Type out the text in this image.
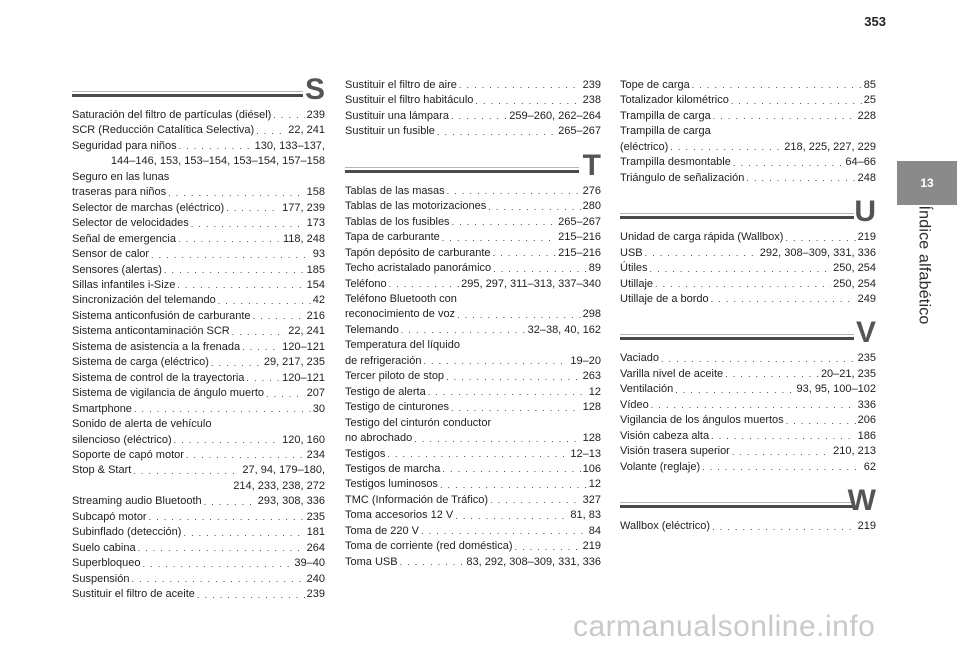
353
13
Índice alfabético
S
Saturación del filtro de partículas (diésel) . . .	239
SCR (Reducción Catalítica Selectiva) . . .	22, 241
Seguridad para niños . . .	130, 133–137,
144–146, 153, 153–154, 153–154, 157–158
Seguro en las lunas
traseras para niños . . .	158
Selector de marchas (eléctrico) . . .	177, 239
Selector de velocidades . . .	173
Señal de emergencia . . .	118, 248
Sensor de calor . . .	93
Sensores (alertas) . . .	185
Sillas infantiles i-Size . . .	154
Sincronización del telemando . . .	42
Sistema anticonfusión de carburante . . .	216
Sistema anticontaminación SCR . . .	22, 241
Sistema de asistencia a la frenada . . .	120–121
Sistema de carga (eléctrico) . . .	29, 217, 235
Sistema de control de la trayectoria . . .	120–121
Sistema de vigilancia de ángulo muerto . . .	207
Smartphone . . .	30
Sonido de alerta de vehículo
silencioso (eléctrico) . . .	120, 160
Soporte de capó motor . . .	234
Stop & Start . . .	27, 94, 179–180,
214, 233, 238, 272
Streaming audio Bluetooth . . .	293, 308, 336
Subcapó motor . . .	235
Subinflado (detección) . . .	181
Suelo cabina . . .	264
Superbloqueo . . .	39–40
Suspensión . . .	240
Sustituir el filtro de aceite . . .	239
Sustituir el filtro de aire . . .	239
Sustituir el filtro habitáculo . . .	238
Sustituir una lámpara . . .	259–260, 262–264
Sustituir un fusible . . .	265–267
T
Tablas de las masas . . .	276
Tablas de las motorizaciones . . .	280
Tablas de los fusibles . . .	265–267
Tapa de carburante . . .	215–216
Tapón depósito de carburante . . .	215–216
Techo acristalado panorámico . . .	89
Teléfono . . .	295, 297, 311–313, 337–340
Teléfono Bluetooth con
reconocimiento de voz . . .	298
Telemando . . .	32–38, 40, 162
Temperatura del líquido
de refrigeración . . .	19–20
Tercer piloto de stop . . .	263
Testigo de alerta . . .	12
Testigo de cinturones . . .	128
Testigo del cinturón conductor
no abrochado . . .	128
Testigos . . .	12–13
Testigos de marcha . . .	106
Testigos luminosos . . .	12
TMC (Información de Tráfico) . . .	327
Toma accesorios 12 V . . .	81, 83
Toma de 220 V . . .	84
Toma de corriente (red doméstica) . . .	219
Toma USB . . .	83, 292, 308–309, 331, 336
Tope de carga . . .	85
Totalizador kilométrico . . .	25
Trampilla de carga . . .	228
Trampilla de carga
(eléctrico) . . .	218, 225, 227, 229
Trampilla desmontable . . .	64–66
Triángulo de señalización . . .	248
U
Unidad de carga rápida (Wallbox) . . .	219
USB . . .	292, 308–309, 331, 336
Útiles . . .	250, 254
Utillaje . . .	250, 254
Utillaje de a bordo . . .	249
V
Vaciado . . .	235
Varilla nivel de aceite . . .	20–21, 235
Ventilación . . .	93, 95, 100–102
Vídeo . . .	336
Vigilancia de los ángulos muertos . . .	206
Visión cabeza alta . . .	186
Visión trasera superior . . .	210, 213
Volante (reglaje) . . .	62
W
Wallbox (eléctrico) . . .	219
carmanualsonline.info
